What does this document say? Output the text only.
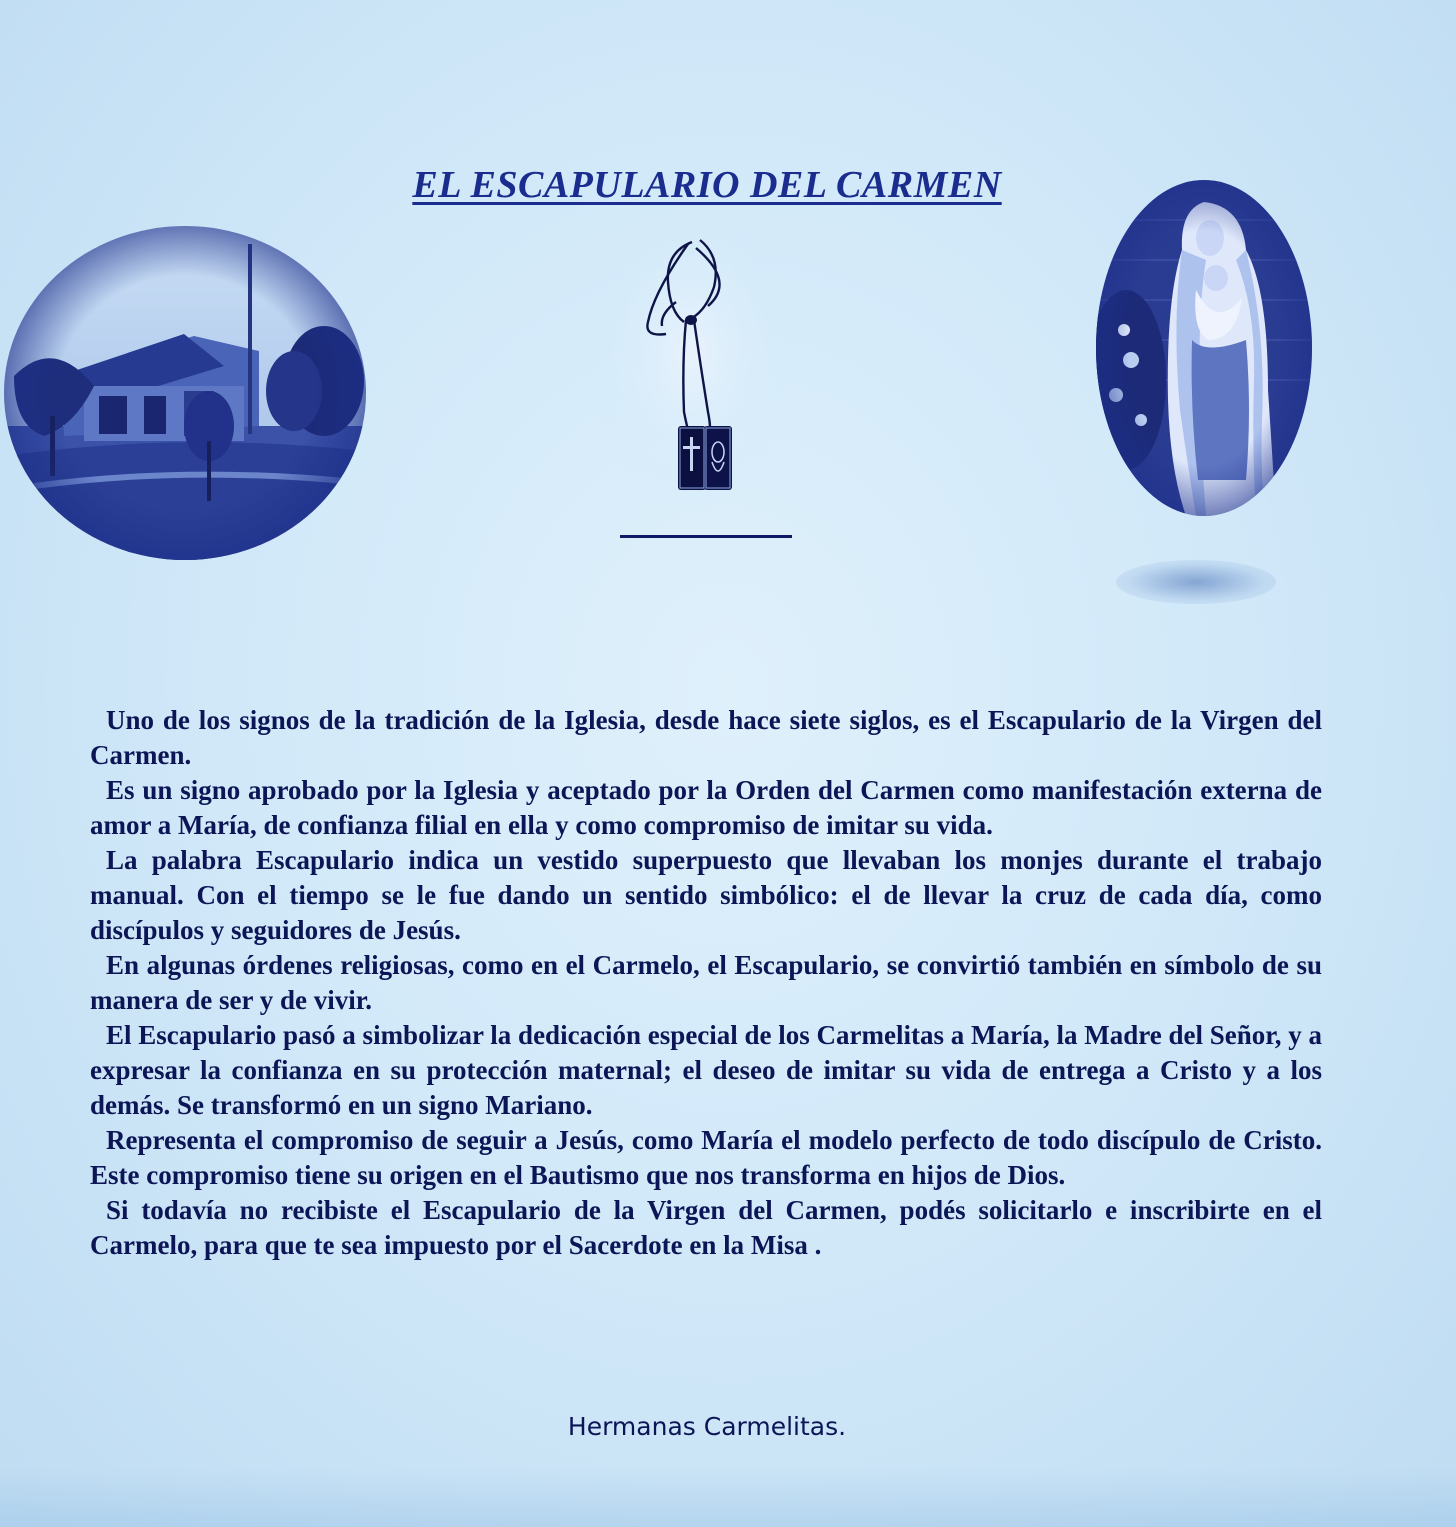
EL ESCAPULARIO DEL CARMEN

Uno de los signos de la tradición de la Iglesia, desde hace siete siglos, es el Escapulario de la Virgen del Carmen.

Es un signo aprobado por la Iglesia y aceptado por la Orden del Carmen como manifestación externa de amor a María, de confianza filial en ella y como compromiso de imitar su vida.

La palabra Escapulario indica un vestido superpuesto que llevaban los monjes durante el trabajo manual. Con el tiempo se le fue dando un sentido simbólico: el de llevar la cruz de cada día, como discípulos y seguidores de Jesús.

En algunas órdenes religiosas, como en el Carmelo, el Escapulario, se convirtió también en símbolo de su manera de ser y de vivir.

El Escapulario pasó a simbolizar la dedicación especial de los Carmelitas a María, la Madre del Señor, y a expresar la confianza en su protección maternal; el deseo de imitar su vida de entrega a Cristo y a los demás. Se transformó en un signo Mariano.

Representa el compromiso de seguir a Jesús, como María el modelo perfecto de todo discípulo de Cristo. Este compromiso tiene su origen en el Bautismo que nos transforma en hijos de Dios.

Si todavía no recibiste el Escapulario de la Virgen del Carmen, podés solicitarlo e inscribirte en el Carmelo, para que te sea impuesto por el Sacerdote en la Misa .

Hermanas Carmelitas.
